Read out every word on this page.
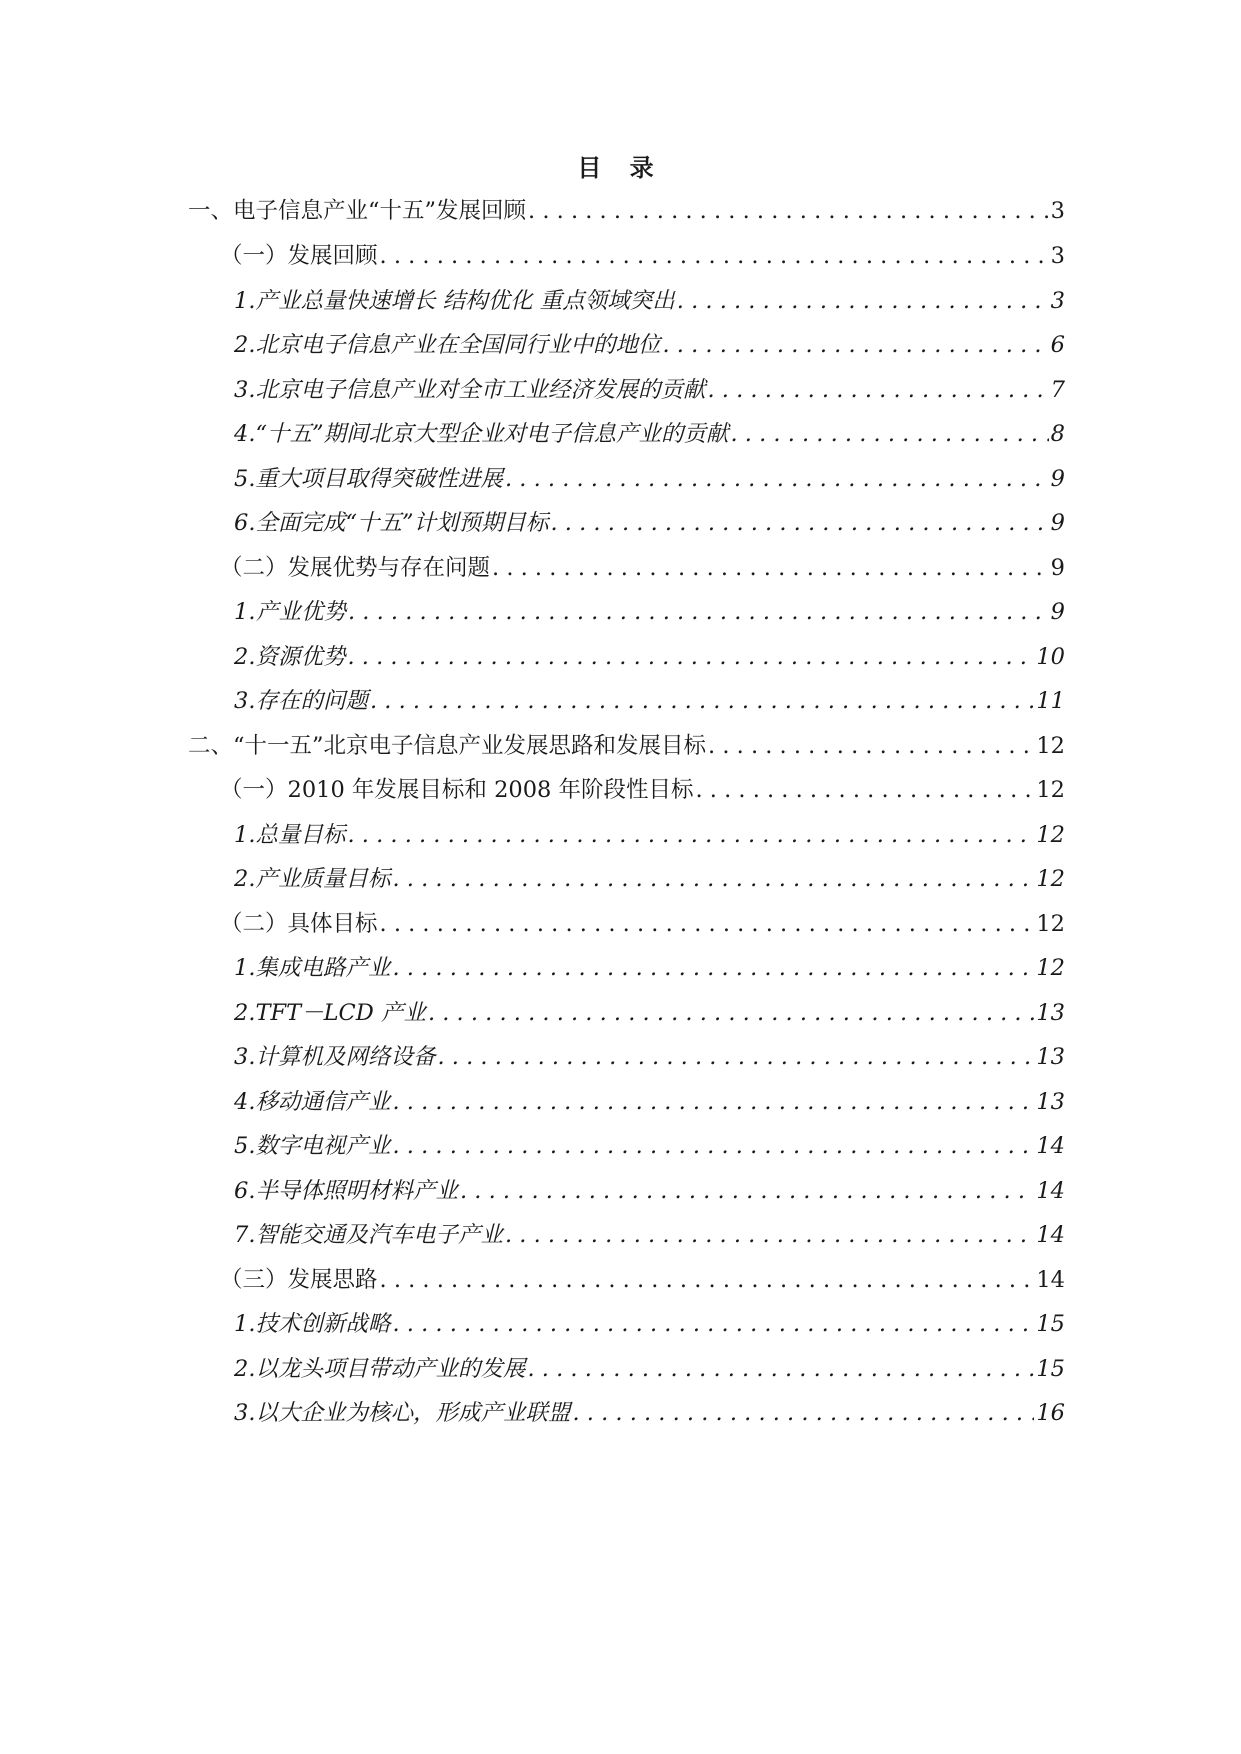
目 录
一、 电子信息产业“十五”发展回顾 . . .	3
（一）发展回顾 . . .	3
1. 产业总量快速增长 结构优化 重点领域突出 . . .	3
2. 北京电子信息产业在全国同行业中的地位 . . .	6
3. 北京电子信息产业对全市工业经济发展的贡献 . . .	7
4. “十五”期间北京大型企业对电子信息产业的贡献 . . .	8
5. 重大项目取得突破性进展 . . .	9
6. 全面完成“十五”计划预期目标 . . .	9
（二）发展优势与存在问题 . . .	9
1. 产业优势 . . .	9
2. 资源优势 . . .	10
3. 存在的问题 . . .	11
二、 “十一五”北京电子信息产业发展思路和发展目标 . . .	12
（一）2010 年发展目标和 2008 年阶段性目标 . . .	12
1. 总量目标 . . .	12
2. 产业质量目标 . . .	12
（二）具体目标 . . .	12
1. 集成电路产业 . . .	12
2. TFT－LCD 产业 . . .	13
3. 计算机及网络设备 . . .	13
4. 移动通信产业 . . .	13
5. 数字电视产业 . . .	14
6. 半导体照明材料产业 . . .	14
7. 智能交通及汽车电子产业 . . .	14
（三）发展思路 . . .	14
1. 技术创新战略 . . .	15
2. 以龙头项目带动产业的发展 . . .	15
3. 以大企业为核心，形成产业联盟 . . .	16
